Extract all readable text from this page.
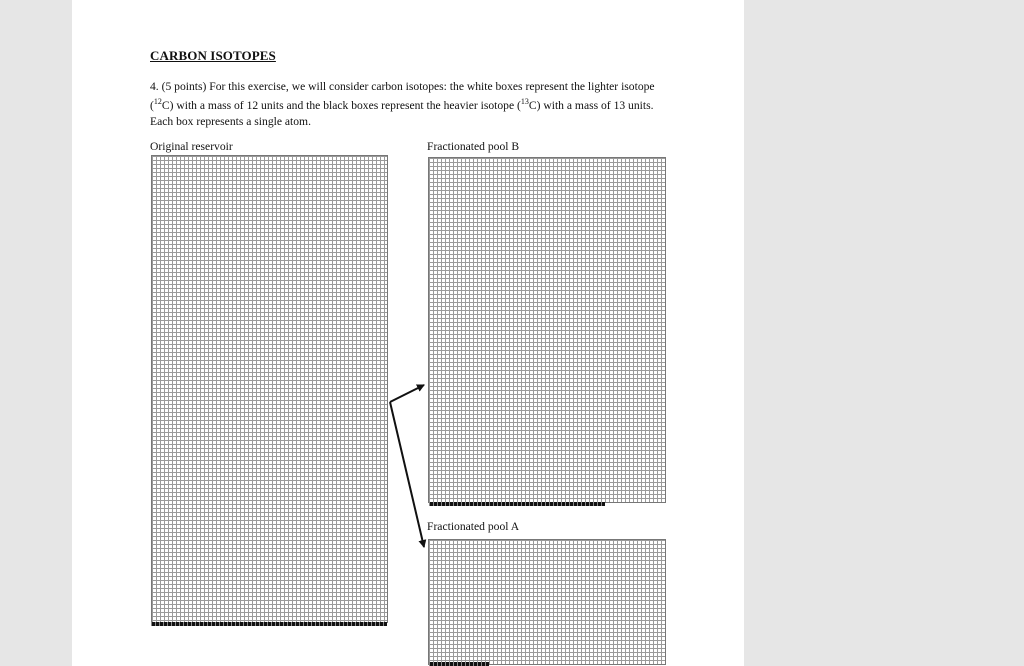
CARBON ISOTOPES
4. (5 points) For this exercise, we will consider carbon isotopes: the white boxes represent the lighter isotope ($^{12}$C) with a mass of 12 units and the black boxes represent the heavier isotope ($^{13}$C) with a mass of 13 units. Each box represents a single atom.
Original reservoir	Fractionated pool B
Fractionated pool A
